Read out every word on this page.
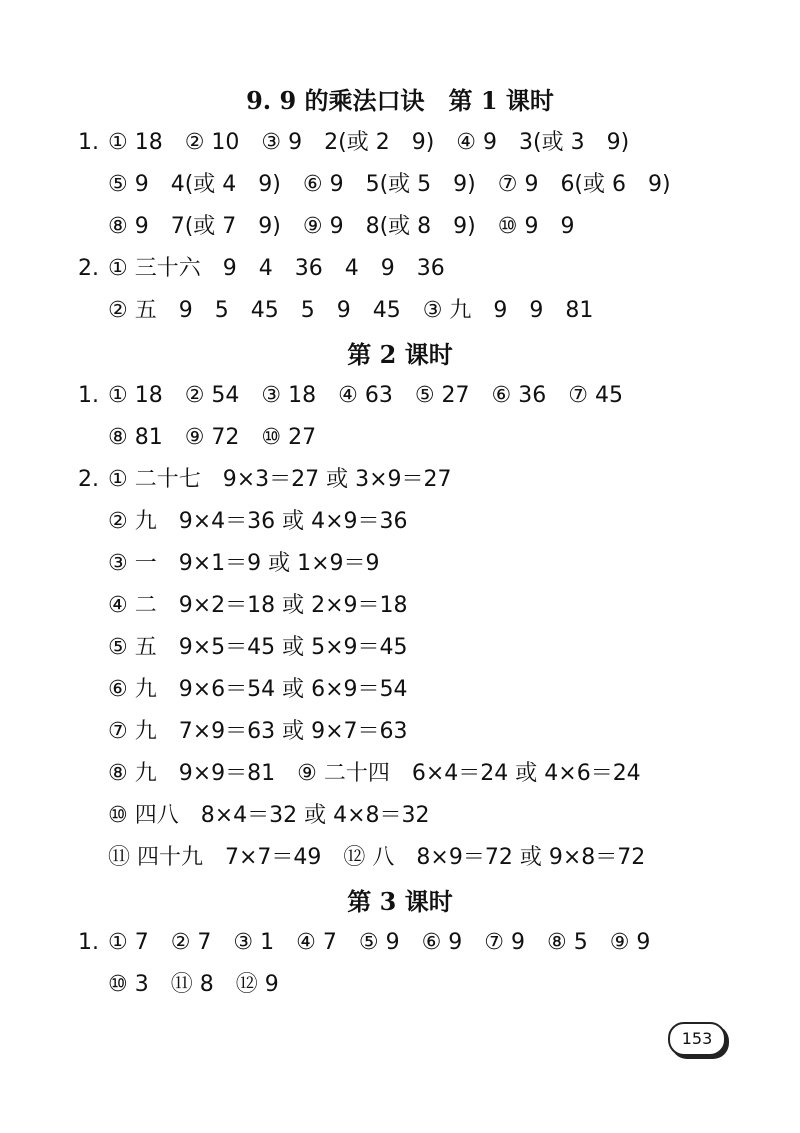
9. 9 的乘法口诀　第 1 课时
1. ① 18　② 10　③ 9　2(或 2　9)　④ 9　3(或 3　9)
⑤ 9　4(或 4　9)　⑥ 9　5(或 5　9)　⑦ 9　6(或 6　9)
⑧ 9　7(或 7　9)　⑨ 9　8(或 8　9)　⑩ 9　9
2. ① 三十六　9　4　36　4　9　36
② 五　9　5　45　5　9　45　③ 九　9　9　81
第 2 课时
1. ① 18　② 54　③ 18　④ 63　⑤ 27　⑥ 36　⑦ 45
⑧ 81　⑨ 72　⑩ 27
2. ① 二十七　9×3＝27 或 3×9＝27
② 九　9×4＝36 或 4×9＝36
③ 一　9×1＝9 或 1×9＝9
④ 二　9×2＝18 或 2×9＝18
⑤ 五　9×5＝45 或 5×9＝45
⑥ 九　9×6＝54 或 6×9＝54
⑦ 九　7×9＝63 或 9×7＝63
⑧ 九　9×9＝81　⑨ 二十四　6×4＝24 或 4×6＝24
⑩ 四八　8×4＝32 或 4×8＝32
⑪ 四十九　7×7＝49　⑫ 八　8×9＝72 或 9×8＝72
第 3 课时
1. ① 7　② 7　③ 1　④ 7　⑤ 9　⑥ 9　⑦ 9　⑧ 5　⑨ 9
⑩ 3　⑪ 8　⑫ 9
153
